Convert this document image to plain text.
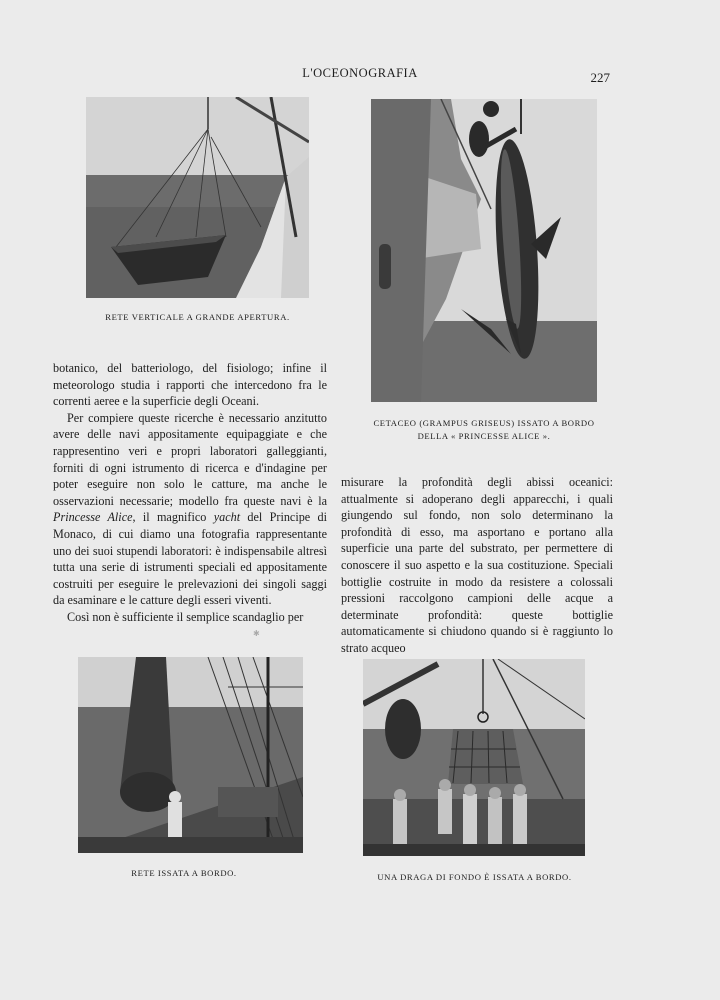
L'OCEONOGRAFIA	227
RETE VERTICALE A GRANDE APERTURA.
CETACEO (GRAMPUS GRISEUS) ISSATO A BORDO
DELLA « PRINCESSE ALICE ».

botanico, del batteriologo, del fisiologo; infine il meteorologo studia i rapporti che intercedono fra le correnti aeree e la superficie degli Oceani.

Per compiere queste ricerche è necessario anzitutto avere delle navi appositamente equipaggiate e che rappresentino veri e propri laboratori galleggianti, forniti di ogni istrumento di ricerca e d'indagine per poter eseguire non solo le catture, ma anche le osservazioni necessarie; modello fra queste navi è la Princesse Alice, il magnifico yacht del Principe di Monaco, di cui diamo una fotografia rappresentante uno dei suoi stupendi laboratori: è indispensabile altresì tutta una serie di istrumenti speciali ed appositamente costruiti per eseguire le prelevazioni dei singoli saggi da esaminare e le catture degli esseri viventi.

Così non è sufficiente il semplice scandaglio per

misurare la profondità degli abissi oceanici: attualmente si adoperano degli apparecchi, i quali giungendo sul fondo, non solo determinano la profondità di esso, ma asportano e portano alla superficie una parte del substrato, per permettere di conoscere il suo aspetto e la sua costituzione. Speciali bottiglie costruite in modo da resistere a colossali pressioni raccolgono campioni delle acque a determinate profondità: queste bottiglie automaticamente si chiudono quando si è raggiunto lo strato acqueo

✱
RETE ISSATA A BORDO.	UNA DRAGA DI FONDO È ISSATA A BORDO.
